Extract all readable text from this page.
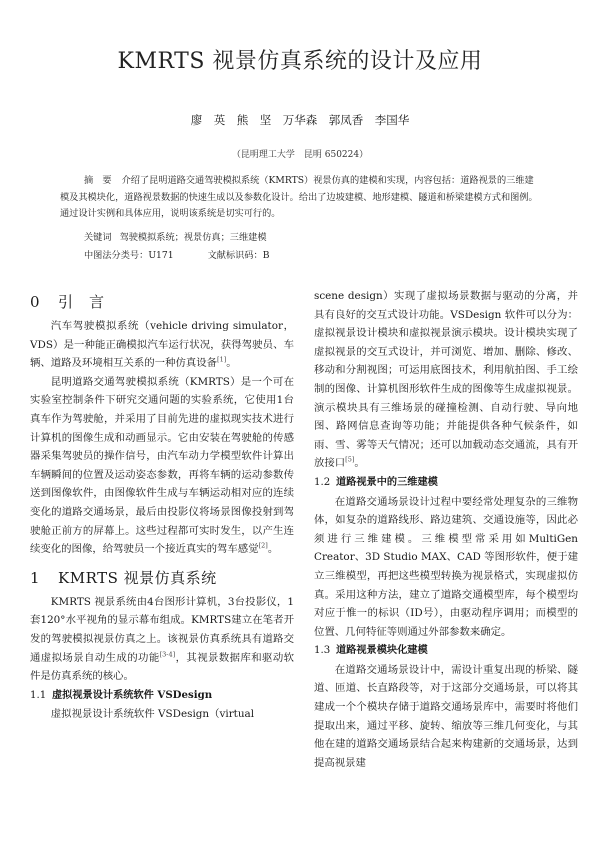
KMRTS 视景仿真系统的设计及应用
廖　英　熊　坚　万华森　郭凤香　李国华
（昆明理工大学　昆明 650224）
摘　要 介绍了昆明道路交通驾驶模拟系统（KMRTS）视景仿真的建模和实现，内容包括：道路视景的三维建模及其模块化，道路视景数据的快速生成以及参数化设计。给出了边坡建模、地形建模、隧道和桥梁建模方式和图例。通过设计实例和具体应用，说明该系统是切实可行的。
关键词 驾驶模拟系统；视景仿真；三维建模
中图法分类号：U171	文献标识码：B
0 引　言

汽车驾驶模拟系统（vehicle driving simulator，VDS）是一种能正确模拟汽车运行状况，获得驾驶员、车辆、道路及环境相互关系的一种仿真设备[1]。

昆明道路交通驾驶模拟系统（KMRTS）是一个可在实验室控制条件下研究交通问题的实验系统，它使用1台真车作为驾驶舱，并采用了目前先进的虚拟现实技术进行计算机的图像生成和动画显示。它由安装在驾驶舱的传感器采集驾驶员的操作信号，由汽车动力学模型软件计算出车辆瞬间的位置及运动姿态参数，再将车辆的运动参数传送到图像软件，由图像软件生成与车辆运动相对应的连续变化的道路交通场景，最后由投影仪将场景图像投射到驾驶舱正前方的屏幕上。这些过程都可实时发生，以产生连续变化的图像，给驾驶员一个接近真实的驾车感觉[2]。

1 KMRTS 视景仿真系统

KMRTS 视景系统由4台图形计算机，3台投影仪，1套120°水平视角的显示幕布组成。KMRTS建立在笔者开发的驾驶模拟视景仿真之上。该视景仿真系统具有道路交通虚拟场景自动生成的功能[3-4]，其视景数据库和驱动软件是仿真系统的核心。

1.1 虚拟视景设计系统软件 VSDesign

虚拟视景设计系统软件 VSDesign（virtual

scene design）实现了虚拟场景数据与驱动的分离，并具有良好的交互式设计功能。VSDesign 软件可以分为：虚拟视景设计模块和虚拟视景演示模块。设计模块实现了虚拟视景的交互式设计，并可浏览、增加、删除、修改、移动和分割视图；可运用底图技术，利用航拍图、手工绘制的图像、计算机图形软件生成的图像等生成虚拟视景。演示模块具有三维场景的碰撞检测、自动行驶、导向地图、路网信息查询等功能；并能提供各种气候条件，如雨、雪、雾等天气情况；还可以加载动态交通流，具有开放接口[5]。

1.2 道路视景中的三维建模

在道路交通场景设计过程中要经常处理复杂的三维物体，如复杂的道路线形、路边建筑、交通设施等，因此必须进行三维建模。三维模型常采用如MultiGen Creator、3D Studio MAX、CAD 等图形软件，便于建立三维模型，再把这些模型转换为视景格式，实现虚拟仿真。采用这种方法，建立了道路交通模型库，每个模型均对应于惟一的标识（ID号），由驱动程序调用；而模型的位置、几何特征等则通过外部参数来确定。

1.3 道路视景模块化建模

在道路交通场景设计中，需设计重复出现的桥梁、隧道、匝道、长直路段等，对于这部分交通场景，可以将其建成一个个模块存储于道路交通场景库中，需要时将他们提取出来，通过平移、旋转、缩放等三维几何变化，与其他在建的道路交通场景结合起来构建新的交通场景，达到提高视景建
